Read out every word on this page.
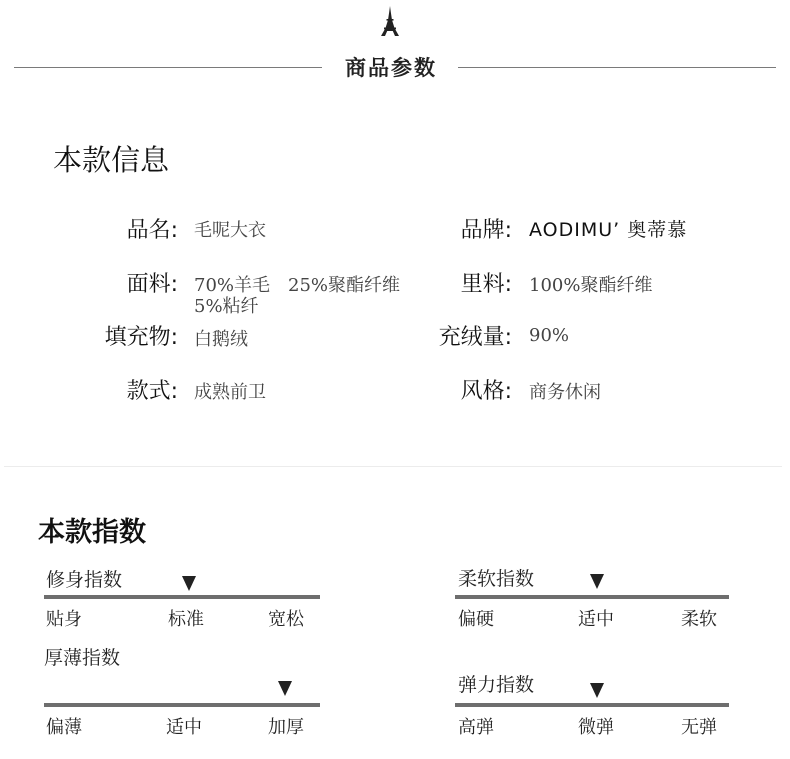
商品参数
本款信息
品名: 毛呢大衣
面料: 70%羊毛　25%聚酯纤维
5%粘纤
填充物: 白鹅绒
款式: 成熟前卫
品牌: AODIMU’ 奥蒂慕
里料: 100%聚酯纤维
充绒量: 90%
风格: 商务休闲
本款指数
修身指数
贴身	标准	宽松
厚薄指数
偏薄	适中	加厚
柔软指数
偏硬	适中	柔软
弹力指数
高弹	微弹	无弹
